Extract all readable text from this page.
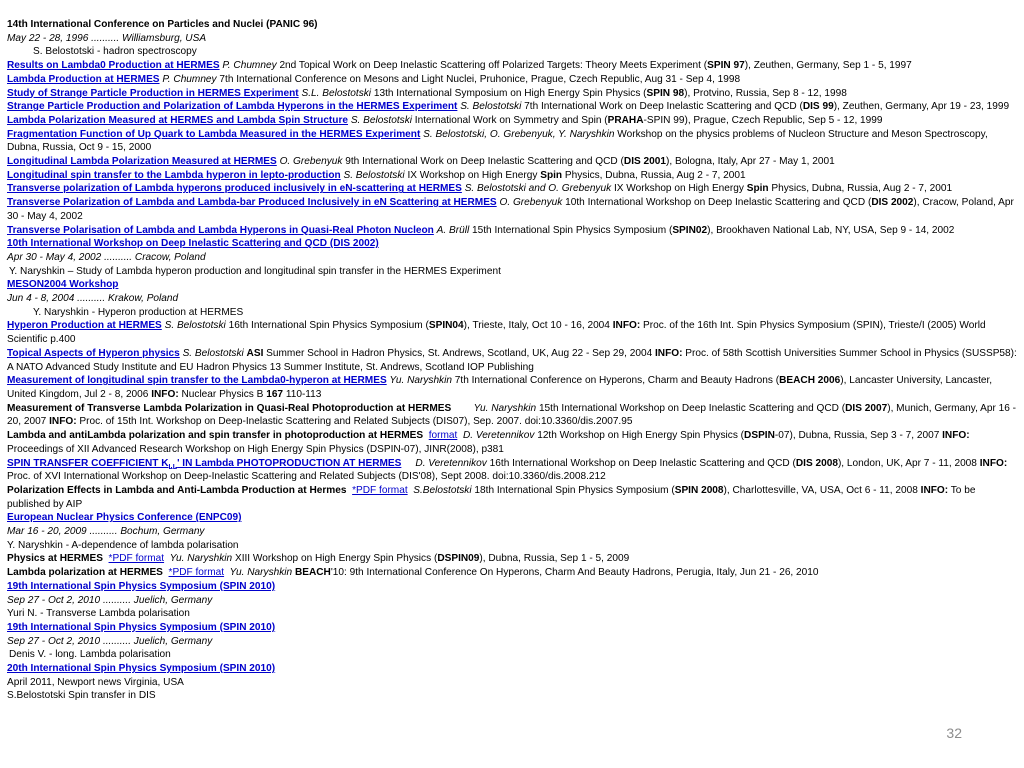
14th International Conference on Particles and Nuclei (PANIC 96)
May 22 - 28, 1996 .......... Williamsburg, USA
S. Belostotski - hadron spectroscopy
Results on Lambda0 Production at HERMES P. Chumney 2nd Topical Work on Deep Inelastic Scattering off Polarized Targets: Theory Meets Experiment (SPIN 97), Zeuthen, Germany, Sep 1 - 5, 1997
Lambda Production at HERMES P. Chumney 7th International Conference on Mesons and Light Nuclei, Pruhonice, Prague, Czech Republic, Aug 31 - Sep 4, 1998
Study of Strange Particle Production in HERMES Experiment S.L. Belostotski 13th International Symposium on High Energy Spin Physics (SPIN 98), Protvino, Russia, Sep 8 - 12, 1998
Strange Particle Production and Polarization of Lambda Hyperons in the HERMES Experiment S. Belostotski 7th International Work on Deep Inelastic Scattering and QCD (DIS 99), Zeuthen, Germany, Apr 19 - 23, 1999
Lambda Polarization Measured at HERMES and Lambda Spin Structure S. Belostotski International Work on Symmetry and Spin (PRAHA-SPIN 99), Prague, Czech Republic, Sep 5 - 12, 1999
Fragmentation Function of Up Quark to Lambda Measured in the HERMES Experiment S. Belostotski, O. Grebenyuk, Y. Naryshkin Workshop on the physics problems of Nucleon Structure and Meson Spectroscopy, Dubna, Russia, Oct 9 - 15, 2000
Longitudinal Lambda Polarization Measured at HERMES O. Grebenyuk 9th International Work on Deep Inelastic Scattering and QCD (DIS 2001), Bologna, Italy, Apr 27 - May 1, 2001
Longitudinal spin transfer to the Lambda hyperon in lepto-production S. Belostotski IX Workshop on High Energy Spin Physics, Dubna, Russia, Aug 2 - 7, 2001
Transverse polarization of Lambda hyperons produced inclusively in eN-scattering at HERMES S. Belostotski and O. Grebenyuk IX Workshop on High Energy Spin Physics, Dubna, Russia, Aug 2 - 7, 2001
Transverse Polarization of Lambda and Lambda-bar Produced Inclusively in eN Scattering at HERMES O. Grebenyuk 10th International Workshop on Deep Inelastic Scattering and QCD (DIS 2002), Cracow, Poland, Apr 30 - May 4, 2002
Transverse Polarisation of Lambda and Lambda Hyperons in Quasi-Real Photon Nucleon A. Brüll 15th International Spin Physics Symposium (SPIN02), Brookhaven National Lab, NY, USA, Sep 9 - 14, 2002
10th International Workshop on Deep Inelastic Scattering and QCD (DIS 2002)
Apr 30 - May 4, 2002 .......... Cracow, Poland
Y. Naryshkin – Study of Lambda hyperon production and longitudinal spin transfer in the HERMES Experiment
MESON2004 Workshop
Jun 4 - 8, 2004 .......... Krakow, Poland
Y. Naryshkin - Hyperon production at HERMES
Hyperon Production at HERMES S. Belostotski 16th International Spin Physics Symposium (SPIN04), Trieste, Italy, Oct 10 - 16, 2004 INFO: Proc. of the 16th Int. Spin Physics Symposium (SPIN), Trieste/I (2005) World Scientific p.400
Topical Aspects of Hyperon physics S. Belostotski ASI Summer School in Hadron Physics, St. Andrews, Scotland, UK, Aug 22 - Sep 29, 2004 INFO: Proc. of 58th Scottish Universities Summer School in Physics (SUSSP58): A NATO Advanced Study Institute and EU Hadron Physics 13 Summer Institute, St. Andrews, Scotland IOP Publishing
Measurement of longitudinal spin transfer to the Lambda0-hyperon at HERMES Yu. Naryshkin 7th International Conference on Hyperons, Charm and Beauty Hadrons (BEACH 2006), Lancaster University, Lancaster, United Kingdom, Jul 2 - 8, 2006 INFO: Nuclear Physics B 167 110-113
Measurement of Transverse Lambda Polarization in Quasi-Real Photoproduction at HERMES Yu. Naryshkin 15th International Workshop on Deep Inelastic Scattering and QCD (DIS 2007), Munich, Germany, Apr 16 - 20, 2007 INFO: Proc. of 15th Int. Workshop on Deep-Inelastic Scattering and Related Subjects (DIS07), Sep. 2007. doi:10.3360/dis.2007.95
Lambda and antiLambda polarization and spin transfer in photoproduction at HERMES format D. Veretennikov 12th Workshop on High Energy Spin Physics (DSPIN-07), Dubna, Russia, Sep 3 - 7, 2007 INFO: Proceedings of XII Advanced Research Workshop on High Energy Spin Physics (DSPIN-07), JINR(2008), p381
SPIN TRANSFER COEFFICIENT $K_{LL}'$ IN Lambda PHOTOPRODUCTION AT HERMES D. Veretennikov 16th International Workshop on Deep Inelastic Scattering and QCD (DIS 2008), London, UK, Apr 7 - 11, 2008 INFO: Proc. of XVI International Workshop on Deep-Inelastic Scattering and Related Subjects (DIS'08), Sept 2008. doi:10.3360/dis.2008.212
Polarization Effects in Lambda and Anti-Lambda Production at Hermes *PDF format S.Belostotski 18th International Spin Physics Symposium (SPIN 2008), Charlottesville, VA, USA, Oct 6 - 11, 2008 INFO: To be published by AIP
European Nuclear Physics Conference (ENPC09)
Mar 16 - 20, 2009 .......... Bochum, Germany
Y. Naryshkin - A-dependence of lambda polarisation
Physics at HERMES *PDF format Yu. Naryshkin XIII Workshop on High Energy Spin Physics (DSPIN09), Dubna, Russia, Sep 1 - 5, 2009
Lambda polarization at HERMES *PDF format Yu. Naryshkin BEACH'10: 9th International Conference On Hyperons, Charm And Beauty Hadrons, Perugia, Italy, Jun 21 - 26, 2010
19th International Spin Physics Symposium (SPIN 2010)
Sep 27 - Oct 2, 2010 .......... Juelich, Germany
Yuri N. - Transverse Lambda polarisation
19th International Spin Physics Symposium (SPIN 2010)
Sep 27 - Oct 2, 2010 .......... Juelich, Germany
Denis V. - long. Lambda polarisation
20th International Spin Physics Symposium (SPIN 2010)
April 2011, Newport news Virginia, USA
S.Belostotski Spin transfer in DIS
32
